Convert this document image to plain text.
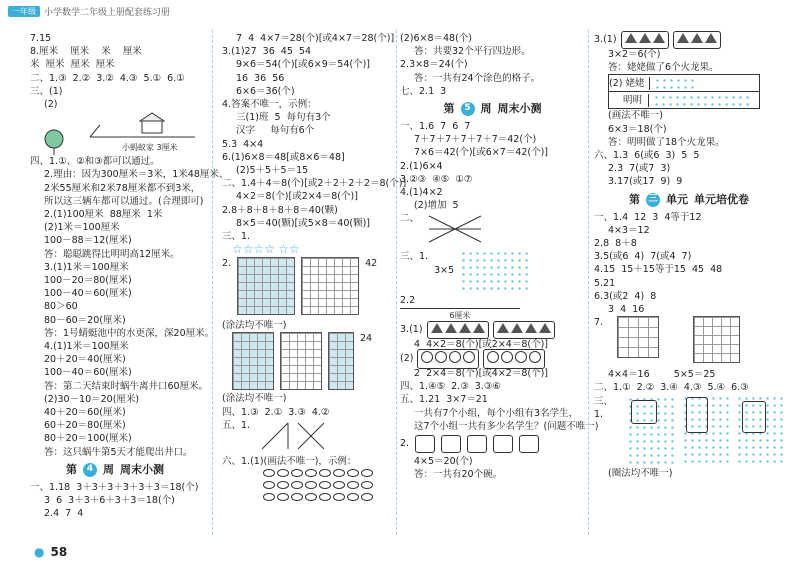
一年级 小学数学二年级上册配套练习册
7.15
8.厘米    厘米    米    厘米
米  厘米  厘米  厘米
二、1.③  2.②  3.②  4.③  5.①  6.①
三、(1)
(2)
小蚂蚁家 3厘米
四、1.①、②和③都可以通过。
2.理由：因为300厘米＝3米，1米48厘米、
2米55厘米和2米78厘米都不到3米，
所以这三辆车都可以通过。(合理即可)
2.(1)100厘米  88厘米  1米
(2)1米＝100厘米
100－88＝12(厘米)
答：聪聪跳得比明明高12厘米。
3.(1)1米＝100厘米
100－20＝80(厘米)
100－40＝60(厘米)
80＞60
80－60＝20(厘米)
答：1号蜻蜓池中的水更深，深20厘米。
4.(1)1米＝100厘米
20＋20＝40(厘米)
100－40＝60(厘米)
答：第二天结束时蜗牛离井口60厘米。
(2)30－10＝20(厘米)
40＋20＝60(厘米)
60＋20＝80(厘米)
80＋20＝100(厘米)
答：这只蜗牛第5天才能爬出井口。
第	4 周 周末小测
一、1.18  3＋3＋3＋3＋3＋3＝18(个)
3  6  3＋3＋6＋3＋3＝18(个)
2.4  7  4
7  4  4×7＝28(个)[或4×7＝28(个)]
3.(1)27  36  45  54
9×6＝54(个)[或6×9＝54(个)]
16  36  56
6×6＝36(个)
4.答案不唯一，示例：
三(1)班  5  每句有3个
汉字     每句有6个
5.3  4×4
6.(1)6×8＝48[或8×6＝48]
(2)5＋5＋5＝15
二、1.4＋4＝8(个)[或2＋2＋2＋2＝8(个)]
4×2＝8(个)[或2×4＝8(个)]
2.8＋8＋8＋8＋8＝40(颗)
8×5＝40(颗)[或5×8＝40(颗)]
三、1.
☆☆☆☆ ☆☆
2.	42
(涂法均不唯一)
24
(涂法均不唯一)
四、1.③  2.①  3.③  4.②
五、1.
六、1.(1)(画法不唯一)，示例：
(2)6×8＝48(个)
答：共要32个平行四边形。
2.3×8＝24(个)
答：一共有24个涂色的格子。
七、2.1  3
第	5 周 周末小测
一、1.6  7  6  7
7＋7＋7＋7＋7＋7＝42(个)
7×6＝42(个)[或6×7＝42(个)]
2.(1)6×4
3.②③  ④⑤  ①⑦
4.(1)4×2
(2)增加  5
二、
三、1.
3×5
2.2
6厘米
3.(1)
4  4×2＝8(个)[或2×4＝8(个)]
(2)
2  2×4＝8(个)[或4×2＝8(个)]
四、1.④⑤  2.③  3.③⑥
五、1.21  3×7＝21
一共有7个小组，每个小组有3名学生，
这7个小组一共有多少名学生？(问题不唯一)
2.
4×5＝20(个)
答：一共有20个碗。
3.(1)
3×2＝6(个)
答：姥姥做了6个火龙果。
(2) 姥姥
明明
(画法不唯一)
6×3＝18(个)
答：明明做了18个火龙果。
六、1.3  6(或6  3)  5  5
2.3  7(或7  3)
3.17(或17  9)  9
第 三 单元 单元培优卷
一、1.4  12  3  4等于12
4×3＝12
2.8  8＋8
3.5(或6  4)  7(或4  7)
4.15  15＋15等于15  45  48
5.21
6.3(或2  4)  8
3  4  16
7.
4×4＝16        5×5＝25
二、1.①  2.②  3.④  4.③  5.④  6.③
三、1.
(圈法均不唯一)
● 58
